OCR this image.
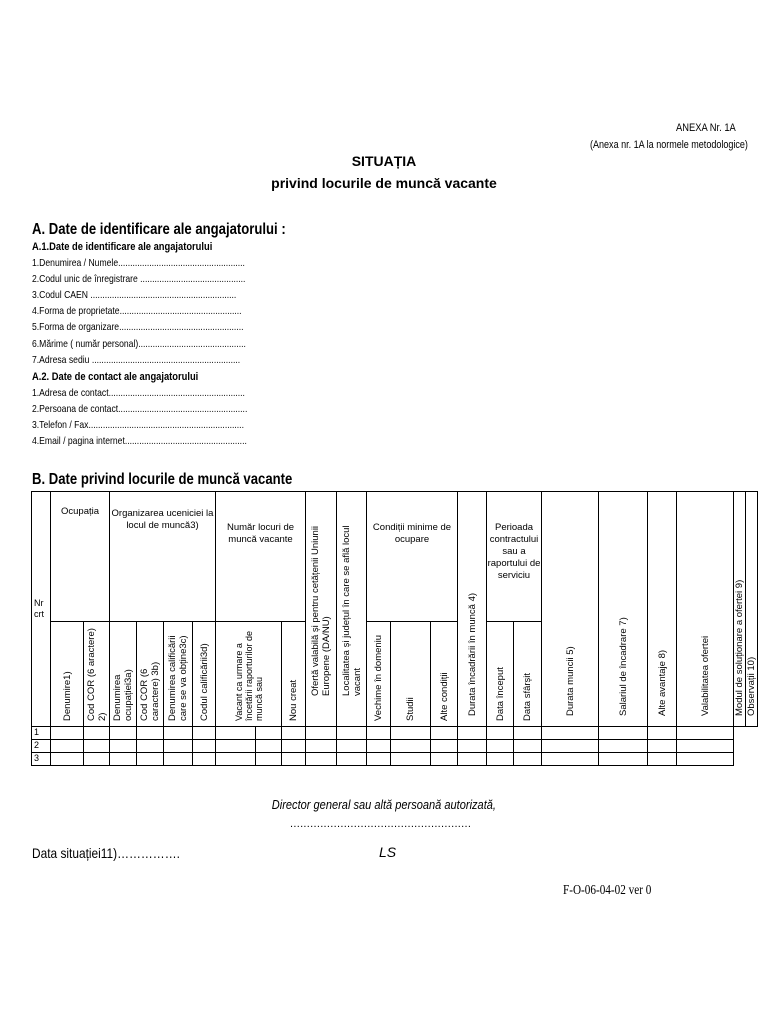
ANEXA Nr. 1A
(Anexa nr. 1A la normele metodologice)
SITUAȚIA
privind locurile de muncă vacante
A. Date de identificare ale angajatorului :
A.1.Date de identificare ale angajatorului
1.Denumirea / Numele.....................................................
2.Codul unic de înregistrare ............................................
3.Codul CAEN .............................................................
4.Forma de proprietate...................................................
5.Forma de organizare....................................................
6.Mărime ( număr personal).............................................
7.Adresa sediu ..............................................................
A.2. Date de contact ale angajatorului
1.Adresa de contact.........................................................
2.Persoana de contact......................................................
3.Telefon / Fax.................................................................
4.Email / pagina internet...................................................
B. Date privind locurile de muncă vacante
Nr crt	Ocupația		Organizarea uceniciei la locul de muncă3)				Număr locuri de muncă vacante			Ofertă valabilă și pentru cetățenii Uniunii Europene (DA/NU)	Localitatea și județul în care se află locul vacant	Condiții minime de ocupare			Durata încadrării în muncă 4)	Perioada contractului sau a raportului de serviciu		Durata muncii 5)	Salariul de încadrare 7)	Alte avantaje 8)	Valabilitatea ofertei	Modul de soluționare a ofertei 9)	Observații 10)

	Denumire1)	Cod COR (6 aractere) 2)	Denumirea ocupației3a)	Cod COR (6 caractere) 3b)	Denumirea calificării care se va obține3c)	Codul calificării3d)	Vacant ca urmare a încetării raporturilor de muncă sau		Nou creat			Vechime în domeniu	Studii	Alte condiții		Data început	Data sfârșit						

1																							
2																							
3																							
Director general sau altă persoană autorizată,
......................................................
Data situației11)…………….	LS
F-O-06-04-02 ver 0
